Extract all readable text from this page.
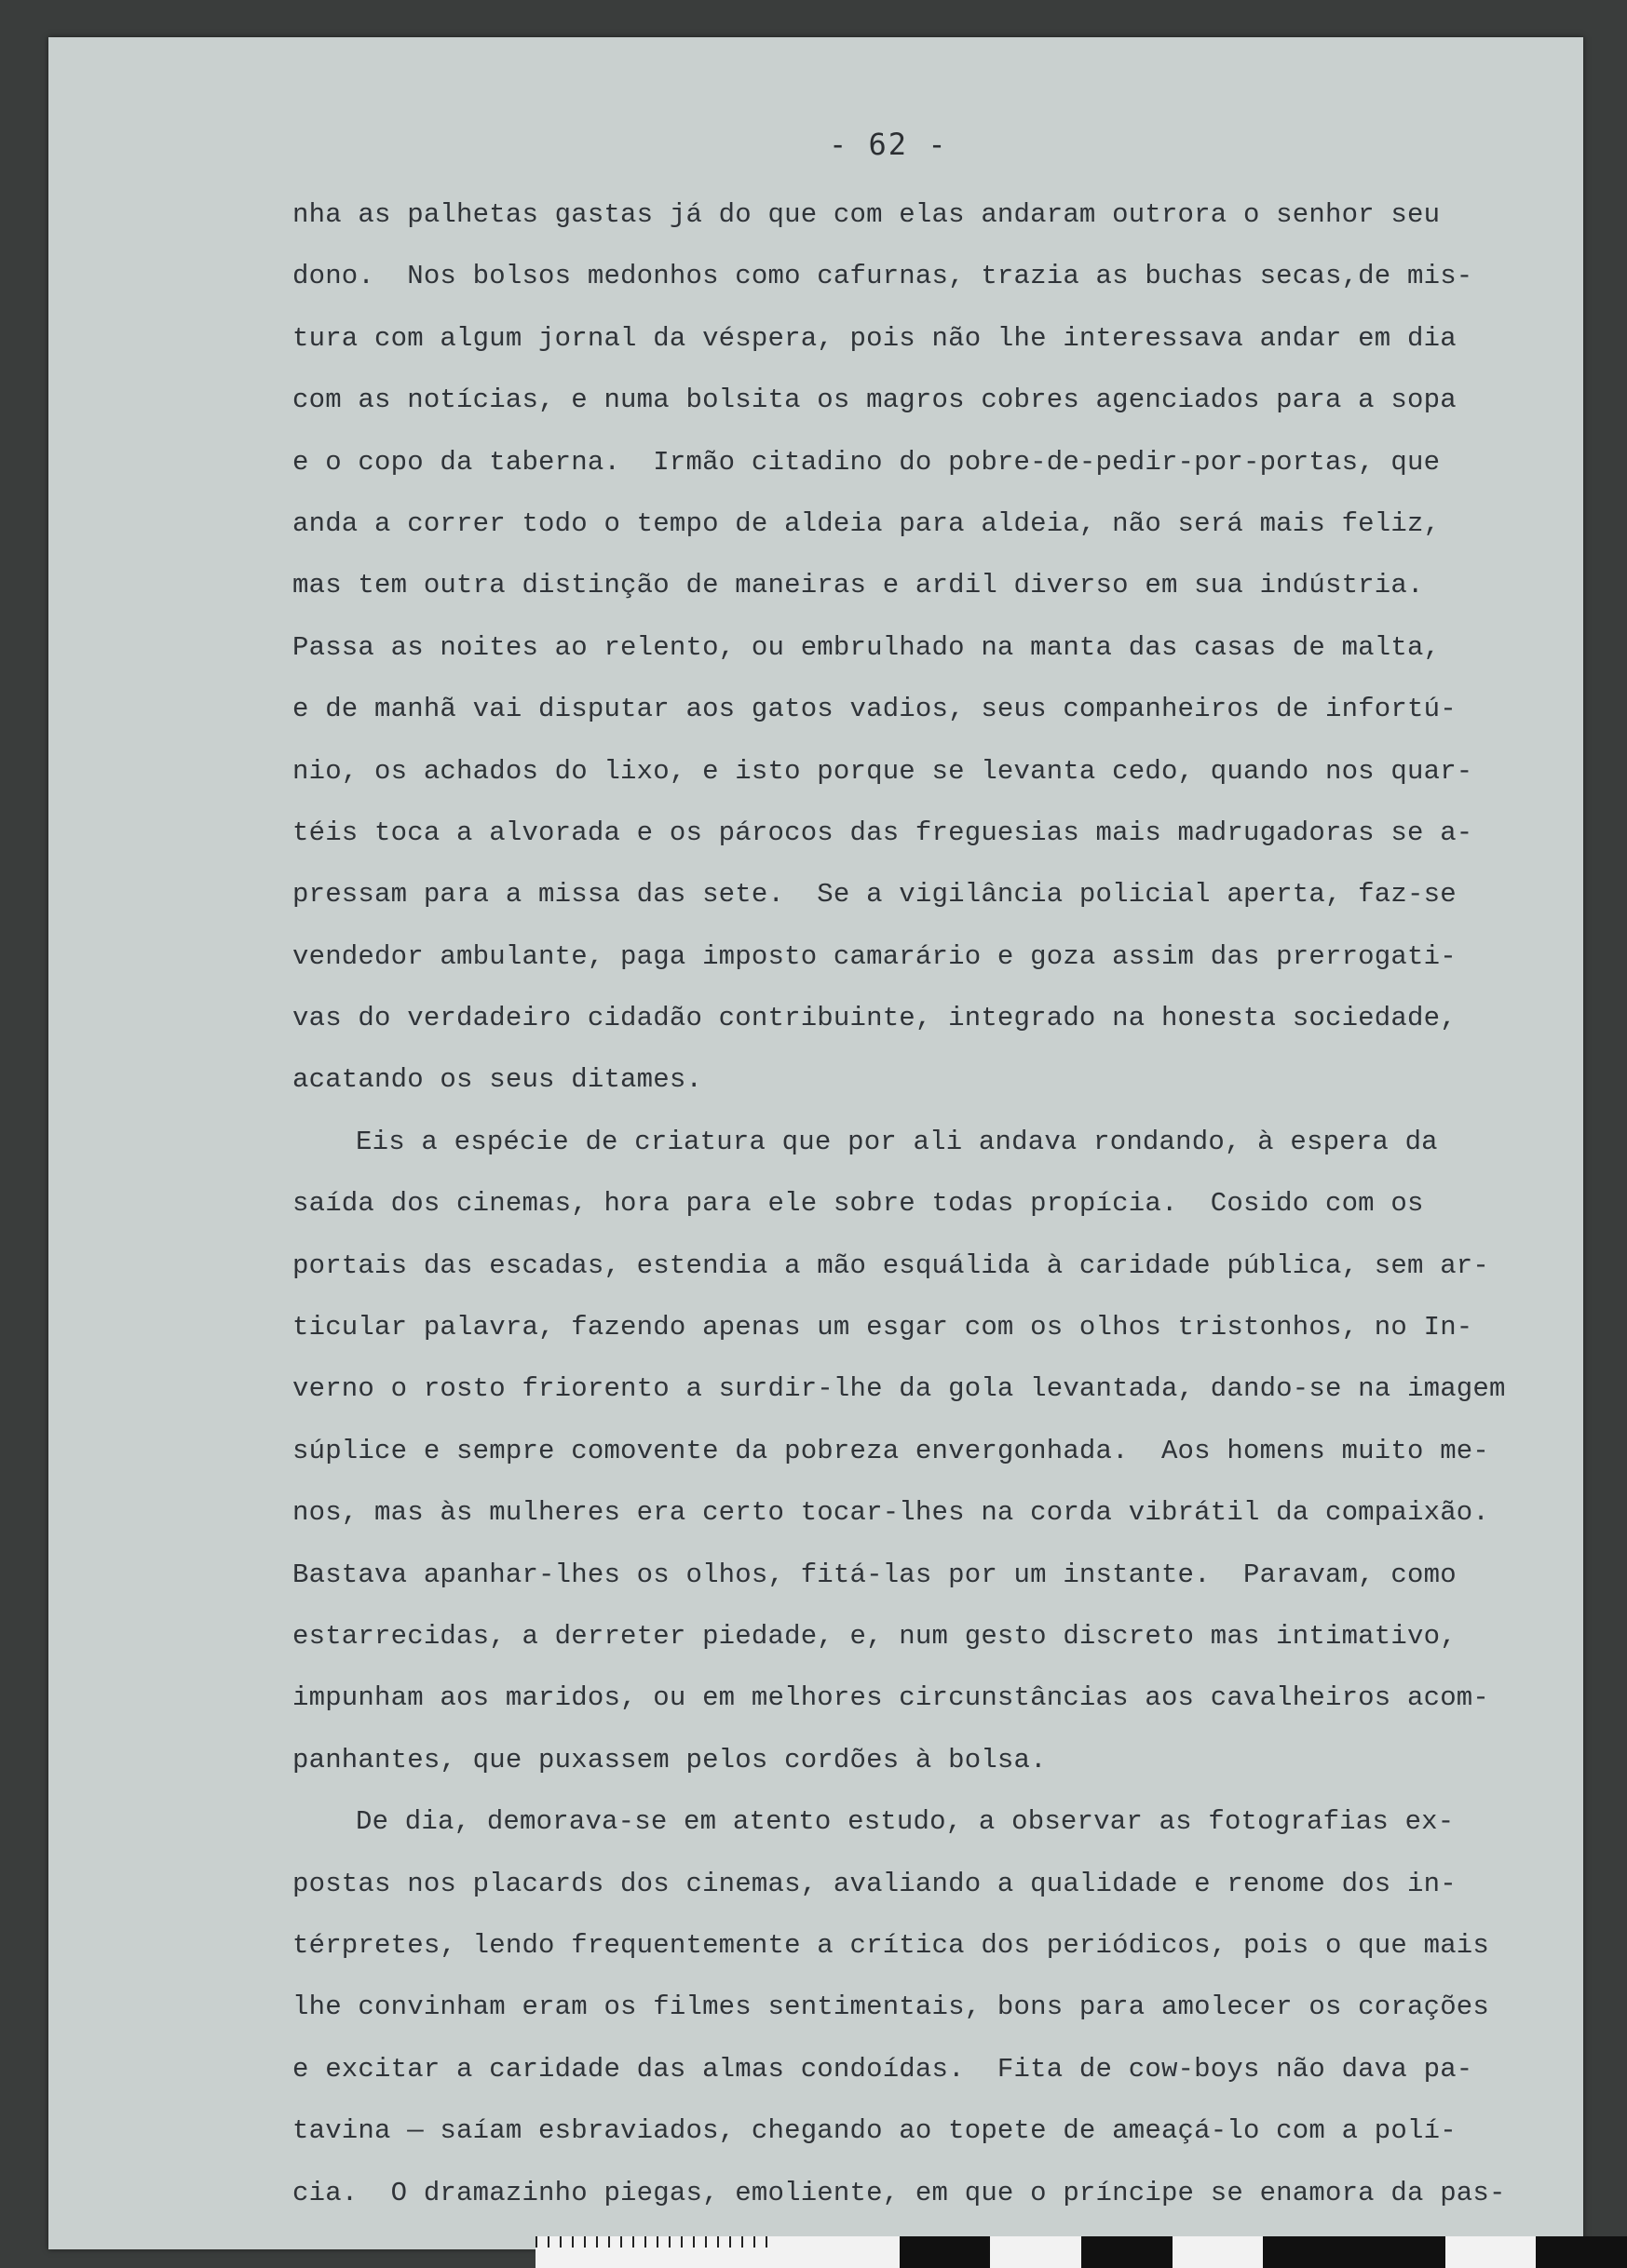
- 62 -
nha as palhetas gastas já do que com elas andaram outrora o senhor seu
dono.  Nos bolsos medonhos como cafurnas, trazia as buchas secas,de mis-
tura com algum jornal da véspera, pois não lhe interessava andar em dia
com as notícias, e numa bolsita os magros cobres agenciados para a sopa
e o copo da taberna.  Irmão citadino do pobre-de-pedir-por-portas, que
anda a correr todo o tempo de aldeia para aldeia, não será mais feliz,
mas tem outra distinção de maneiras e ardil diverso em sua indústria.
Passa as noites ao relento, ou embrulhado na manta das casas de malta,
e de manhã vai disputar aos gatos vadios, seus companheiros de infortú-
nio, os achados do lixo, e isto porque se levanta cedo, quando nos quar-
téis toca a alvorada e os párocos das freguesias mais madrugadoras se a-
pressam para a missa das sete.  Se a vigilância policial aperta, faz-se
vendedor ambulante, paga imposto camarário e goza assim das prerrogati-
vas do verdadeiro cidadão contribuinte, integrado na honesta sociedade,
acatando os seus ditames.
Eis a espécie de criatura que por ali andava rondando, à espera da
saída dos cinemas, hora para ele sobre todas propícia.  Cosido com os
portais das escadas, estendia a mão esquálida à caridade pública, sem ar-
ticular palavra, fazendo apenas um esgar com os olhos tristonhos, no In-
verno o rosto friorento a surdir-lhe da gola levantada, dando-se na imagem
súplice e sempre comovente da pobreza envergonhada.  Aos homens muito me-
nos, mas às mulheres era certo tocar-lhes na corda vibrátil da compaixão.
Bastava apanhar-lhes os olhos, fitá-las por um instante.  Paravam, como
estarrecidas, a derreter piedade, e, num gesto discreto mas intimativo,
impunham aos maridos, ou em melhores circunstâncias aos cavalheiros acom-
panhantes, que puxassem pelos cordões à bolsa.
De dia, demorava-se em atento estudo, a observar as fotografias ex-
postas nos placards dos cinemas, avaliando a qualidade e renome dos in-
térpretes, lendo frequentemente a crítica dos periódicos, pois o que mais
lhe convinham eram os filmes sentimentais, bons para amolecer os corações
e excitar a caridade das almas condoídas.  Fita de cow-boys não dava pa-
tavina — saíam esbraviados, chegando ao topete de ameaçá-lo com a polí-
cia.  O dramazinho piegas, emoliente, em que o príncipe se enamora da pas-
